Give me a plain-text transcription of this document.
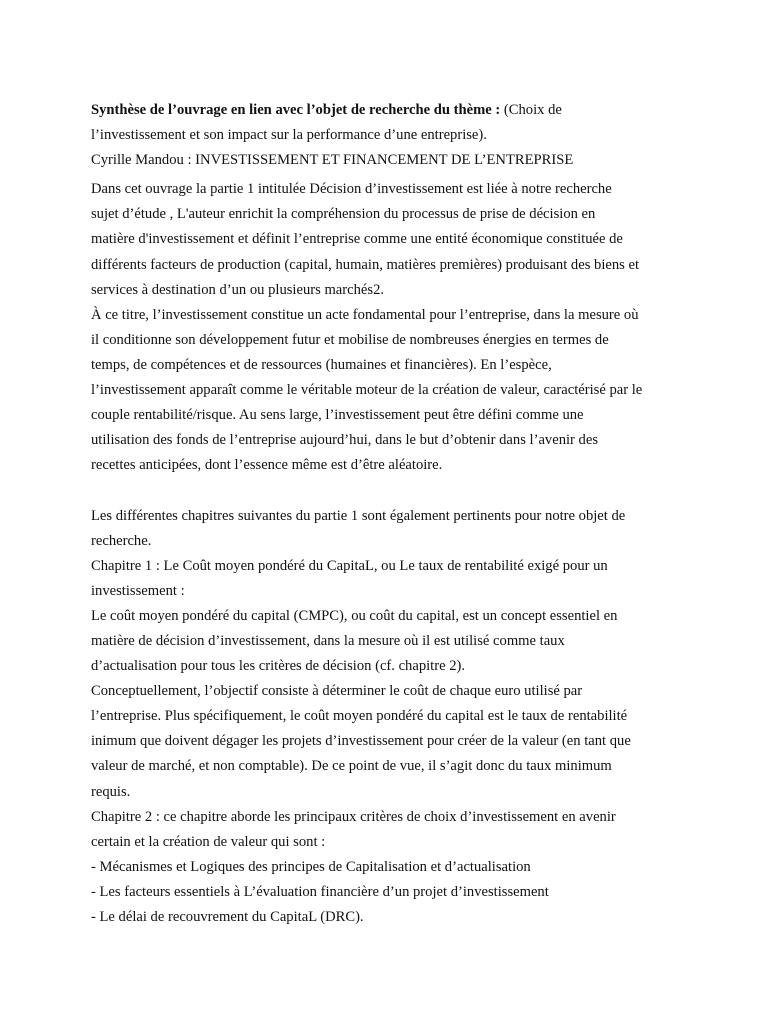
Synthèse de l’ouvrage en lien avec l’objet de recherche du thème : (Choix de
l’investissement et son impact sur la performance d’une entreprise).
Cyrille Mandou : INVESTISSEMENT ET FINANCEMENT DE L’ENTREPRISE
Dans cet ouvrage la partie 1 intitulée Décision d’investissement est liée à notre recherche
sujet d’étude , L'auteur enrichit la compréhension du processus de prise de décision en
matière d'investissement et définit l’entreprise comme une entité économique constituée de
différents facteurs de production (capital, humain, matières premières) produisant des biens et
services à destination d’un ou plusieurs marchés2.
À ce titre, l’investissement constitue un acte fondamental pour l’entreprise, dans la mesure où
il conditionne son développement futur et mobilise de nombreuses énergies en termes de
temps, de compétences et de ressources (humaines et financières). En l’espèce,
l’investissement apparaît comme le véritable moteur de la création de valeur, caractérisé par le
couple rentabilité/risque. Au sens large, l’investissement peut être défini comme une
utilisation des fonds de l’entreprise aujourd’hui, dans le but d’obtenir dans l’avenir des
recettes anticipées, dont l’essence même est d’être aléatoire.
Les différentes chapitres suivantes du partie 1 sont également pertinents pour notre objet de
recherche.
Chapitre 1 : Le Coût moyen pondéré du CapitaL, ou Le taux de rentabilité exigé pour un
investissement :
Le coût moyen pondéré du capital (CMPC), ou coût du capital, est un concept essentiel en
matière de décision d’investissement, dans la mesure où il est utilisé comme taux
d’actualisation pour tous les critères de décision (cf. chapitre 2).
Conceptuellement, l’objectif consiste à déterminer le coût de chaque euro utilisé par
l’entreprise. Plus spécifiquement, le coût moyen pondéré du capital est le taux de rentabilité
inimum que doivent dégager les projets d’investissement pour créer de la valeur (en tant que
valeur de marché, et non comptable). De ce point de vue, il s’agit donc du taux minimum
requis.
Chapitre 2 : ce chapitre aborde les principaux critères de choix d’investissement en avenir
certain et la création de valeur qui sont :
- Mécanismes et Logiques des principes de Capitalisation et d’actualisation
- Les facteurs essentiels à L’évaluation financière d’un projet d’investissement
- Le délai de recouvrement du CapitaL (DRC).
